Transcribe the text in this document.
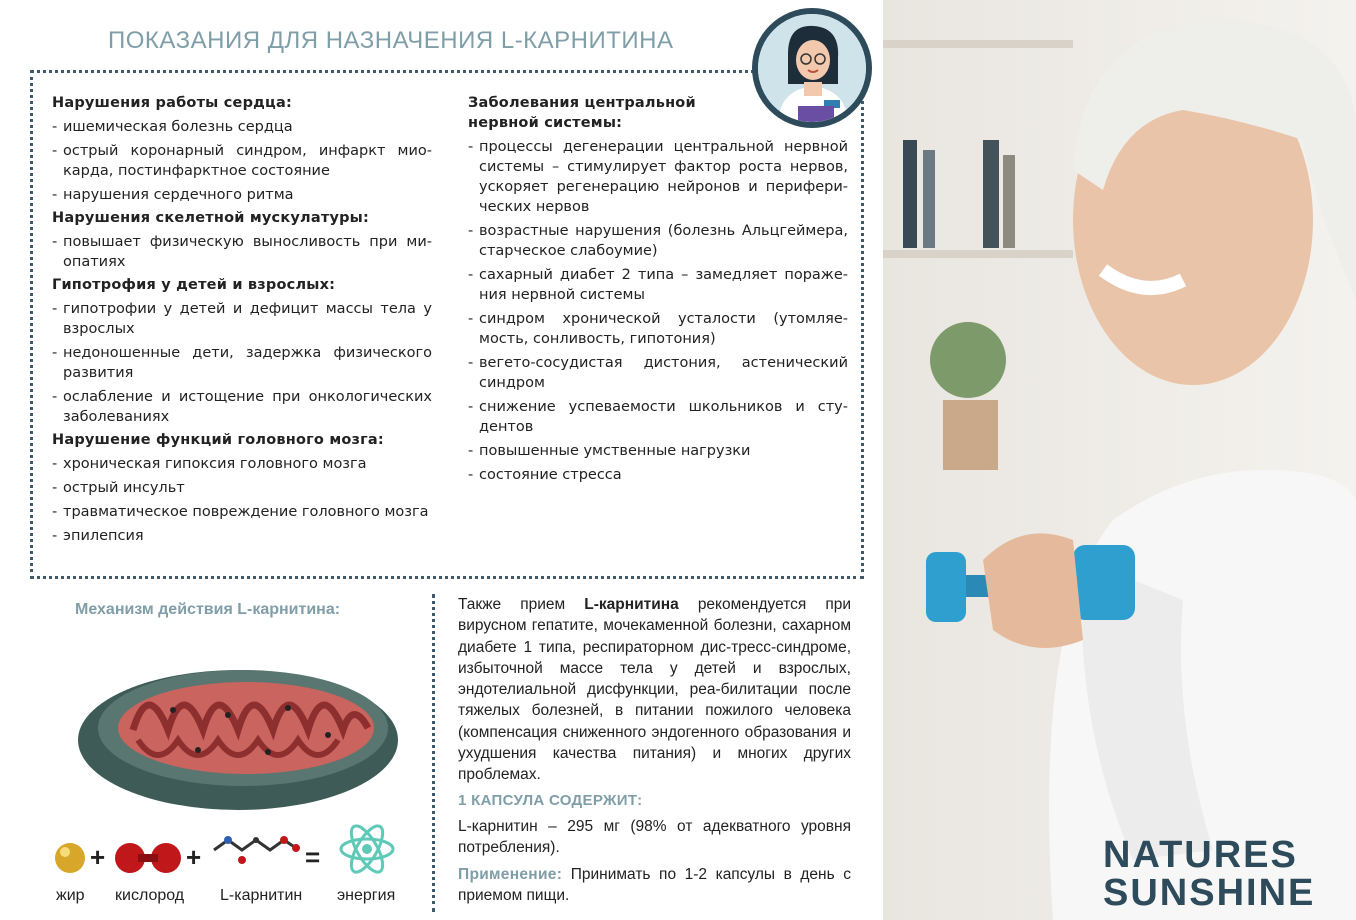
ПОКАЗАНИЯ ДЛЯ НАЗНАЧЕНИЯ L-КАРНИТИНА
Нарушения работы сердца:
- ишемическая болезнь сердца
- острый коронарный синдром, инфаркт мио-карда, постинфарктное состояние
- нарушения сердечного ритма
Нарушения скелетной мускулатуры:
- повышает физическую выносливость при ми-опатиях
Гипотрофия у детей и взрослых:
- гипотрофии у детей и дефицит массы тела у взрослых
- недоношенные дети, задержка физического развития
- ослабление и истощение при онкологических заболеваниях
Нарушение функций головного мозга:
- хроническая гипоксия головного мозга
- острый инсульт
- травматическое повреждение головного мозга
- эпилепсия
Заболевания центральной нервной системы:
- процессы дегенерации центральной нервной системы – стимулирует фактор роста нервов, ускоряет регенерацию нейронов и перифери-ческих нервов
- возрастные нарушения (болезнь Альцгеймера, старческое слабоумие)
- сахарный диабет 2 типа – замедляет пораже-ния нервной системы
- синдром хронической усталости (утомляе-мость, сонливость, гипотония)
- вегето-сосудистая дистония, астенический синдром
- снижение успеваемости школьников и сту-дентов
- повышенные умственные нагрузки
- состояние стресса
Механизм действия L-карнитина:
+	+	=
жир кислород L-карнитин энергия
Также прием L-карнитина рекомендуется при вирусном гепатите, мочекаменной болезни, сахарном диабете 1 типа, респираторном дис-тресс-синдроме, избыточной массе тела у детей и взрослых, эндотелиальной дисфункции, реа-билитации после тяжелых болезней, в питании пожилого человека (компенсация сниженного эндогенного образования и ухудшения качества питания) и многих других проблемах.
1 КАПСУЛА СОДЕРЖИТ:

L-карнитин – 295 мг (98% от адекватного уровня потребления).

Применение: Принимать по 1-2 капсулы в день с приемом пищи.

NATURES
SUNSHINE
